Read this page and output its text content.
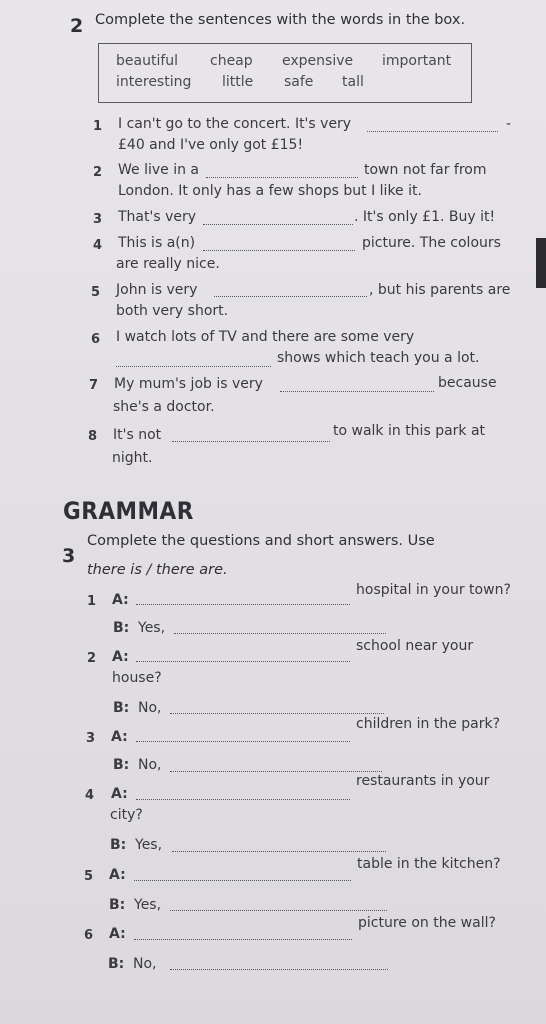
2 Complete the sentences with the words in the box.
beautiful cheap expensive important
interesting little safe tall
1 I can't go to the concert. It's very	-
£40 and I've only got £15!
2 We live in a	town not far from
London. It only has a few shops but I like it.
3 That's very	. It's only £1. Buy it!
4 This is a(n)	picture. The colours
are really nice.
5 John is very	, but his parents are
both very short.
6 I watch lots of TV and there are some very
shows which teach you a lot.
7 My mum's job is very	because
she's a doctor.
8 It's not	to walk in this park at
night.
GRAMMAR
3
Complete the questions and short answers. Use
there is / there are.
1 A:
hospital in your town?
B: Yes,
2 A:
school near your
house?
B: No,
3 A:
children in the park?
B: No,
4 A:
restaurants in your
city?
B: Yes,
5 A:
table in the kitchen?
B: Yes,
6 A:
picture on the wall?
B: No,
